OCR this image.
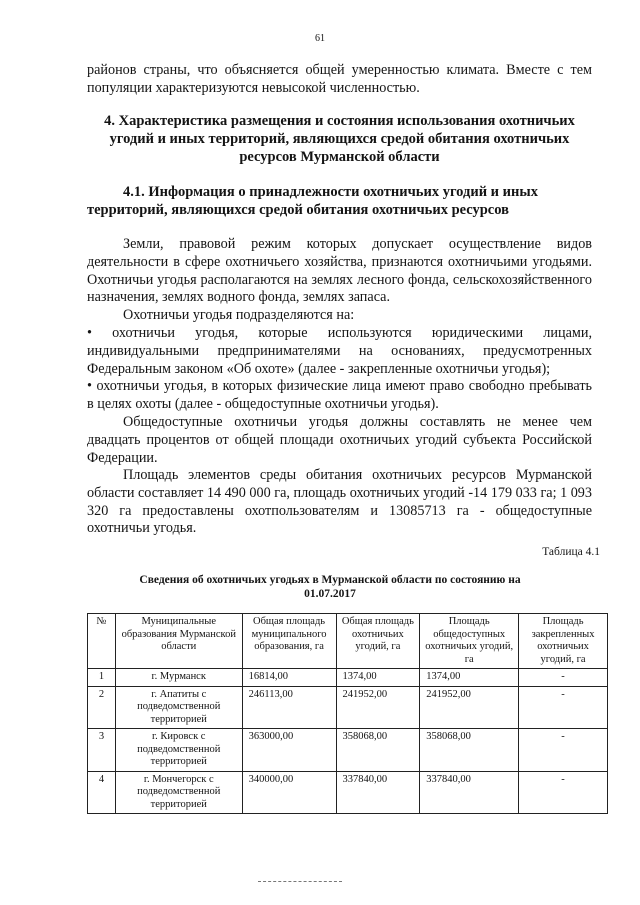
61

районов страны, что объясняется общей умеренностью климата. Вместе с тем популяции характеризуются невысокой численностью.

4. Характеристика размещения и состояния использования охотничьих угодий и иных территорий, являющихся средой обитания охотничьих ресурсов Мурманской области

4.1. Информация о принадлежности охотничьих угодий и иных территорий, являющихся средой обитания охотничьих ресурсов

Земли, правовой режим которых допускает осуществление видов деятельности в сфере охотничьего хозяйства, признаются охотничьими угодьями. Охотничьи угодья располагаются на землях лесного фонда, сельскохозяйственного назначения, землях водного фонда, землях запаса.

Охотничьи угодья подразделяются на:

• охотничьи угодья, которые используются юридическими лицами, индивидуальными предпринимателями на основаниях, предусмотренных Федеральным законом «Об охоте» (далее - закрепленные охотничьи угодья);

• охотничьи угодья, в которых физические лица имеют право свободно пребывать в целях охоты (далее - общедоступные охотничьи угодья).

Общедоступные охотничьи угодья должны составлять не менее чем двадцать процентов от общей площади охотничьих угодий субъекта Российской Федерации.

Площадь элементов среды обитания охотничьих ресурсов Мурманской области составляет 14 490 000 га, площадь охотничьих угодий -14 179 033 га; 1 093 320 га предоставлены охотпользователям и 13085713 га - общедоступные охотничьи угодья.

Таблица 4.1

Сведения об охотничьих угодьях в Мурманской области по состоянию на 01.07.2017

№	Муниципальные образования Мурманской области	Общая площадь муниципального образования, га	Общая площадь охотничьих угодий, га	Площадь общедоступных охотничьих угодий, га	Площадь закрепленных охотничьих угодий, га
1	г. Мурманск	16814,00	1374,00	1374,00	-
2	г. Апатиты с подведомственной территорией	246113,00	241952,00	241952,00	-
3	г. Кировск с подведомственной территорией	363000,00	358068,00	358068,00	-
4	г. Мончегорск с подведомственной территорией	340000,00	337840,00	337840,00	-
